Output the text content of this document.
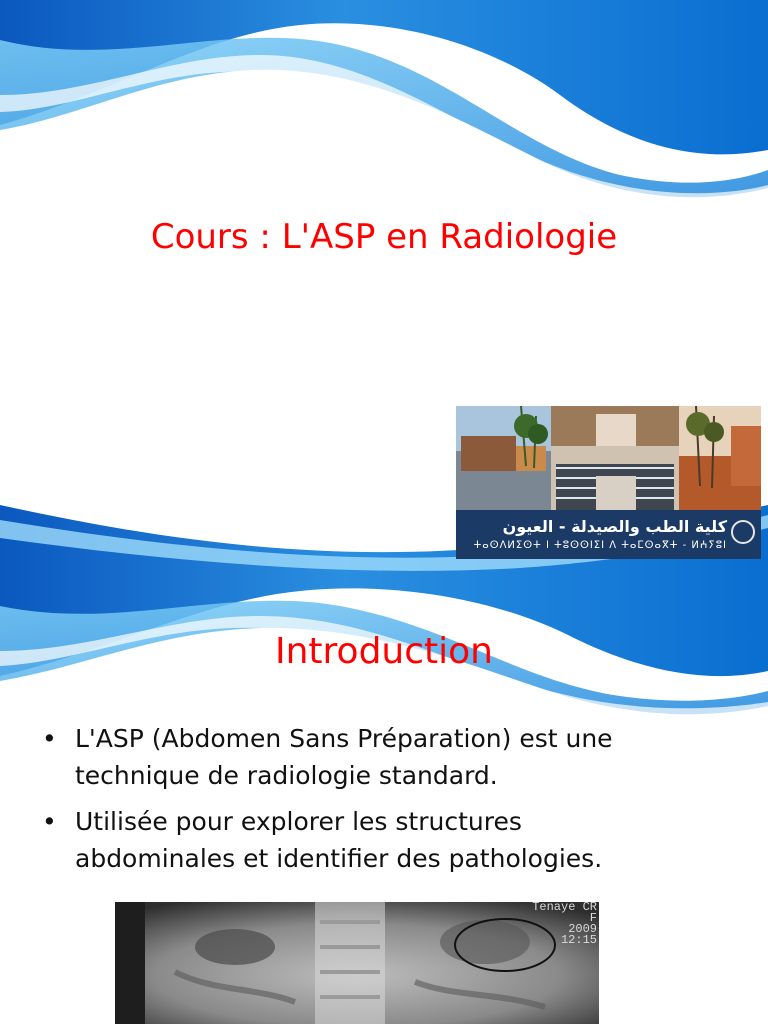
Cours : L'ASP en Radiologie
كلية الطب والصيدلة - العيون
ⵜⴰⵙⴷⵍⵉⵙⵜ ⵏ ⵜⵓⵙⵙⵏⵉⵏ ⴷ ⵜⴰⵎⵙⴰⴳⵜ - ⵍⵄⵢⵓⵏ
Introduction
• L'ASP (Abdomen Sans Préparation) est une technique de radiologie standard.
• Utilisée pour explorer les structures abdominales et identifier des pathologies.
Tenaye CR
F
2009
12:15
